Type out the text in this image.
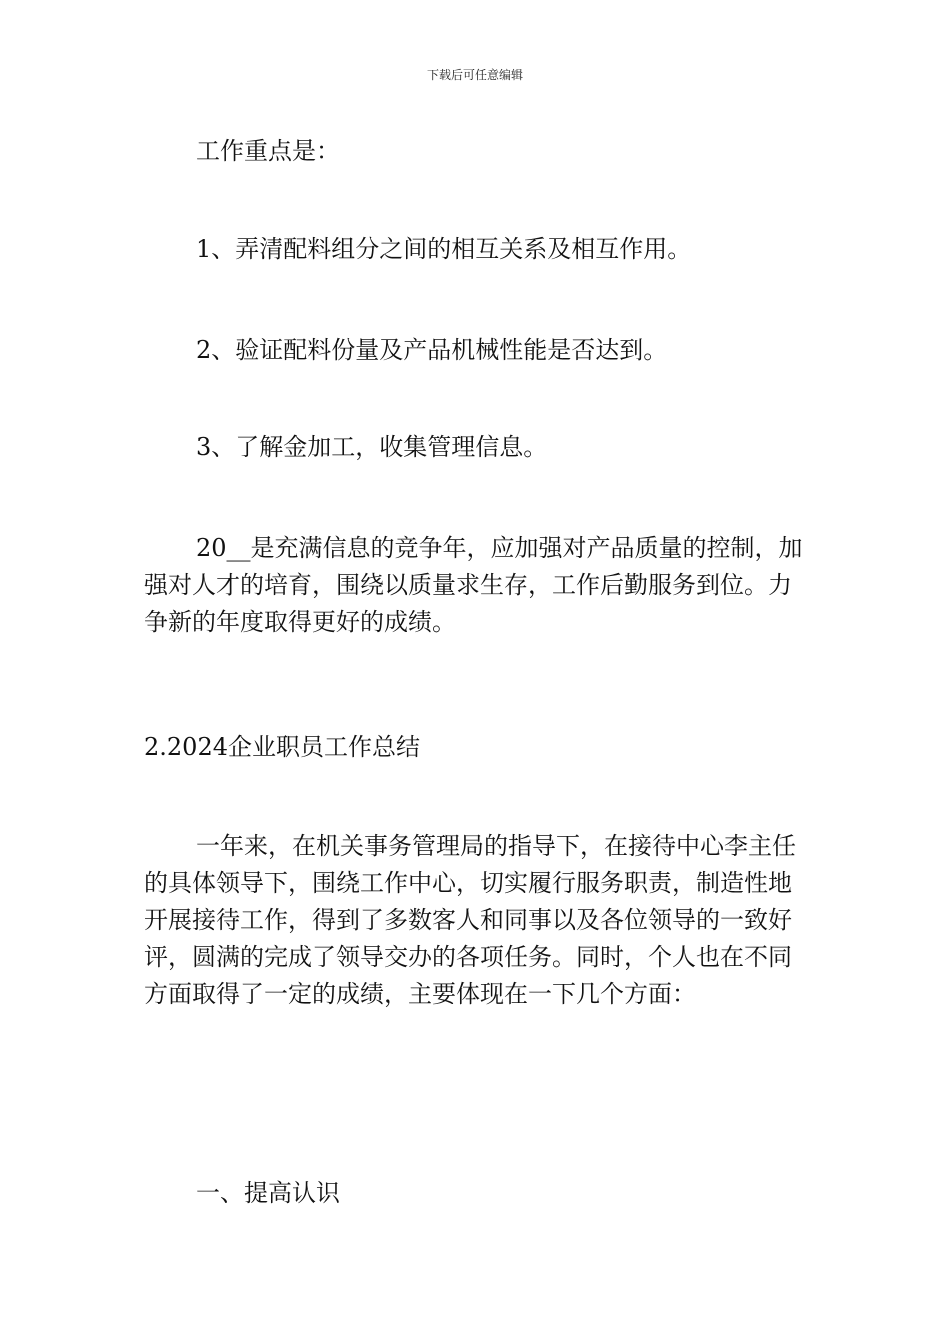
下载后可任意编辑

工作重点是：

1、弄清配料组分之间的相互关系及相互作用。

2、验证配料份量及产品机械性能是否达到。

3、了解金加工，收集管理信息。

20__是充满信息的竞争年，应加强对产品质量的控制，加强对人才的培育，围绕以质量求生存，工作后勤服务到位。力争新的年度取得更好的成绩。

2.2024企业职员工作总结

一年来，在机关事务管理局的指导下，在接待中心李主任的具体领导下，围绕工作中心，切实履行服务职责，制造性地开展接待工作，得到了多数客人和同事以及各位领导的一致好评，圆满的完成了领导交办的各项任务。同时，个人也在不同方面取得了一定的成绩，主要体现在一下几个方面：

一、提高认识
